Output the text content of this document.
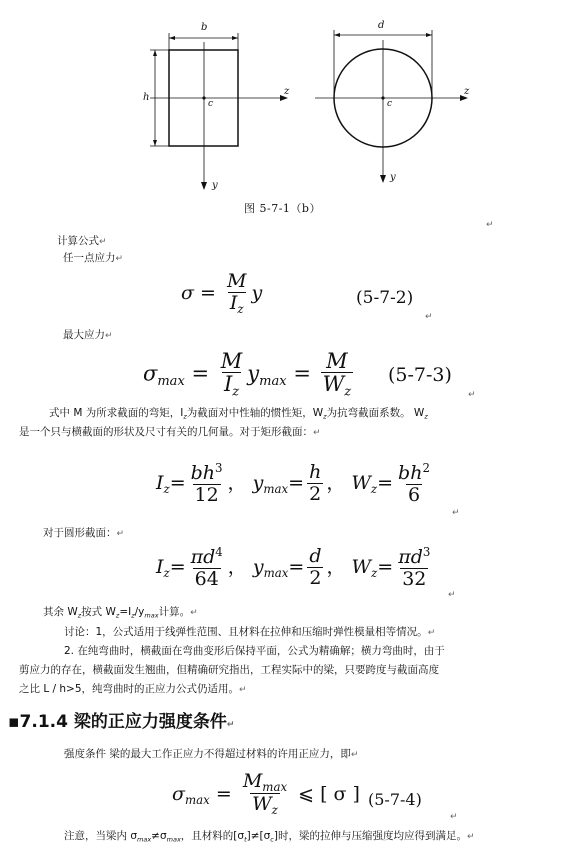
b
h
d
c	c
z	z
y
y
图 5-7-1（b）
↵
计算公式↵
任一点应力↵
$\sigma = \frac{M}{I_z}$ y	(5-7-2)
↵
最大应力↵
$\sigma_{max} = \frac{M}{I_z} y_{max} = \frac{M}{W_z} (5-7-3)$
↵
式中 M 为所求截面的弯矩，$I_z$为截面对中性轴的惯性矩，$W_z$为抗弯截面系数。 $W_z$
是一个只与横截面的形状及尺寸有关的几何量。对于矩形截面：↵
$I_z= \frac{bh^3}{12}$ ， $y_{max}= \frac{h}{2}$ ， $W_z= \frac{bh^2}{6}$
↵
对于圆形截面：↵
$I_z= \frac{\pi d^4}{64}$ ， $y_{max}= \frac{d}{2}$ ， $W_z= \frac{\pi d^3}{32}$
↵
其余 $W_z$按式 $W_z=I_z/y_{max}$计算。↵
讨论：1，公式适用于线弹性范围、且材料在拉伸和压缩时弹性模量相等情况。↵
2. 在纯弯曲时，横截面在弯曲变形后保持平面，公式为精确解；横力弯曲时，由于
剪应力的存在，横截面发生翘曲，但精确研究指出，工程实际中的梁，只要跨度与截面高度
之比 L / h>5，纯弯曲时的正应力公式仍适用。↵
▪7.1.4 梁的正应力强度条件↵
强度条件 梁的最大工作正应力不得超过材料的许用正应力，即↵
$\sigma_{max} = \frac{M_{max}}{W_z}$ ⩽ [ σ ] (5-7-4)
↵
注意，当梁内 $\sigma_{max}\ne\sigma_{max}$，且材料的$[\sigma_t]\ne[\sigma_c]$时，梁的拉伸与压缩强度均应得到满足。↵
